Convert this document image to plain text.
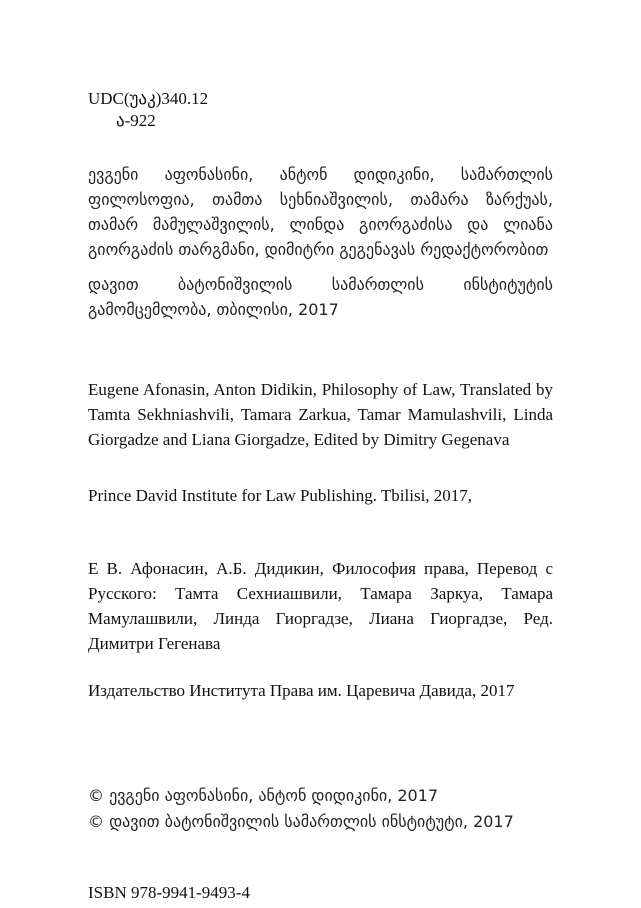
UDC(უაკ)340.12

ა-922

ევგენი აფონასინი, ანტონ დიდიკინი, სამართლის ფილოსოფია, თამთა სეხნიაშვილის, თამარა ზარქუას, თამარ მამულაშვილის, ლინდა გიორგაძისა და ლიანა გიორგაძის თარგმანი, დიმიტრი გეგენავას რედაქტორობით

დავით ბატონიშვილის სამართლის ინსტიტუტის გამომცემლობა, თბილისი, 2017

Eugene Afonasin, Anton Didikin, Philosophy of Law, Translated by Tamta Sekhniashvili, Tamara Zarkua, Tamar Mamulashvili, Linda Giorgadze and Liana Giorgadze, Edited by Dimitry Gegenava

Prince David Institute for Law Publishing. Tbilisi, 2017,

Е В. Афонасин, А.Б. Дидикин, Философия права, Перевод с Русского: Тамта Сехниашвили, Тамара Заркуа, Тамара Мамулашвили, Линда Гиоргадзе, Лиана Гиоргадзе, Ред. Димитри Гегенава

Издательство Института Права им. Царевича Давида, 2017

© ევგენი აფონასინი, ანტონ დიდიკინი, 2017

© დავით ბატონიშვილის სამართლის ინსტიტუტი, 2017

ISBN 978-9941-9493-4
